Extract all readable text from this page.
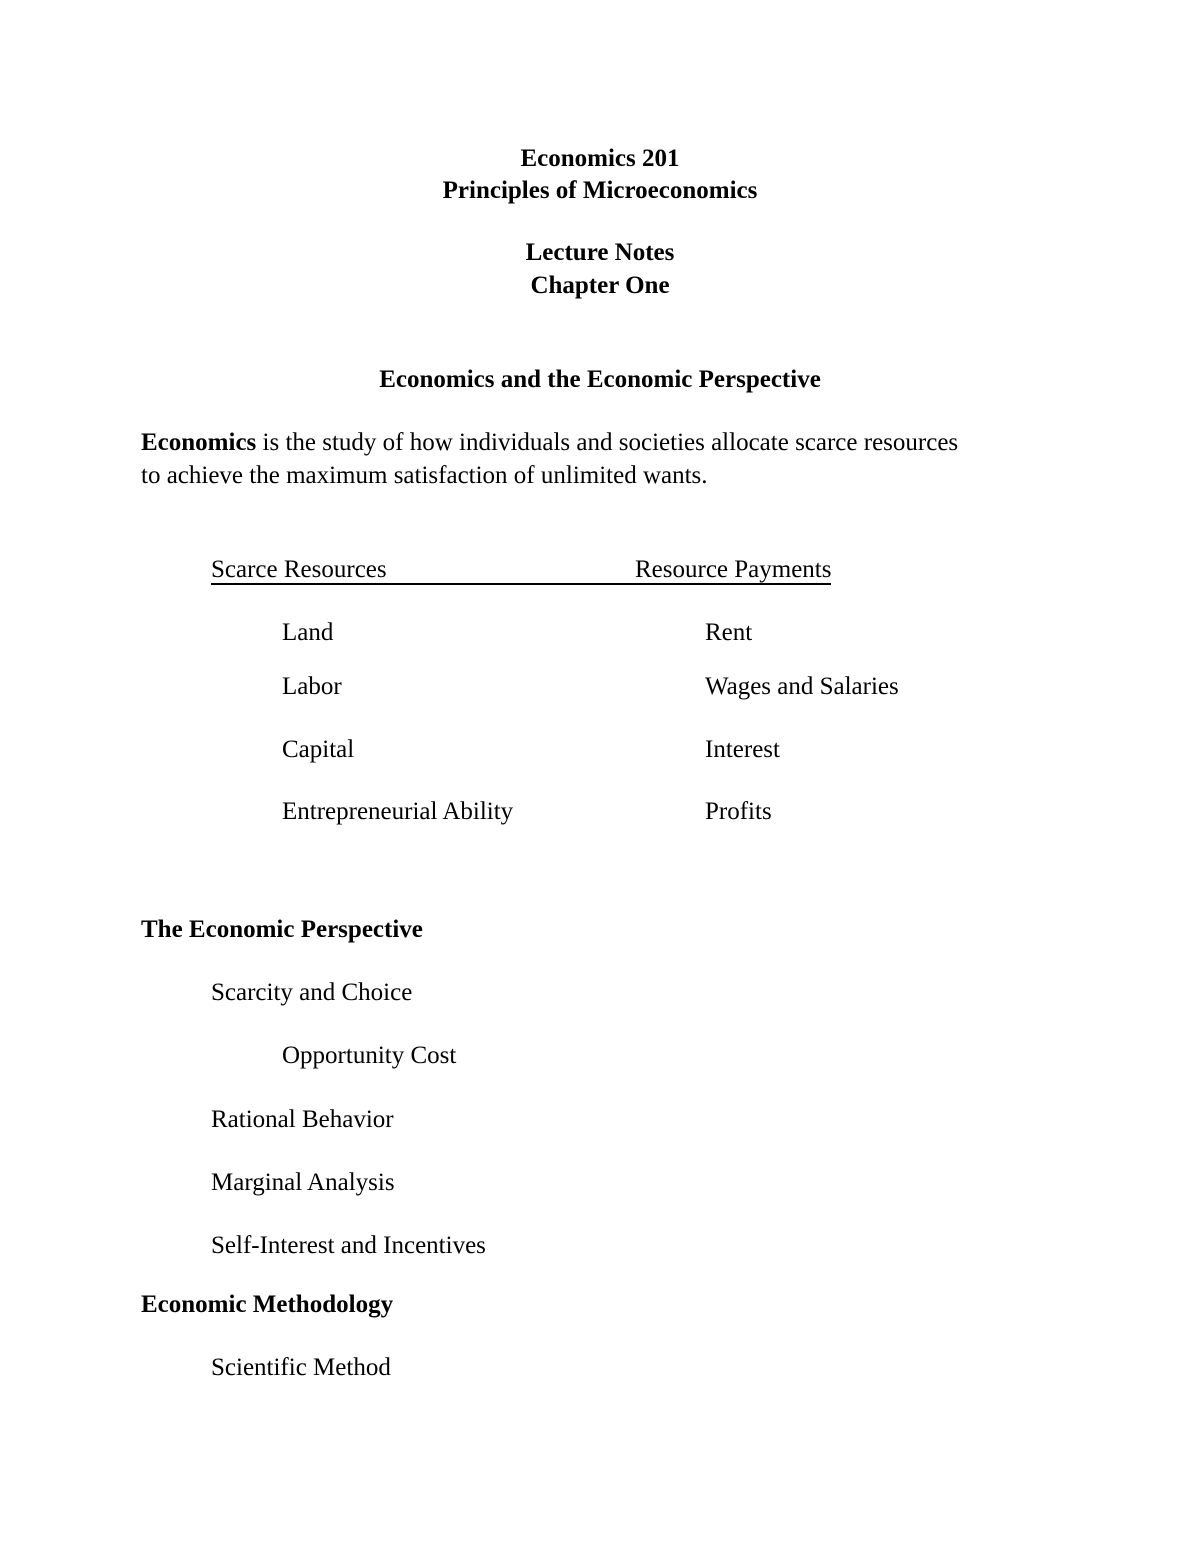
Economics 201
Principles of Microeconomics
Lecture Notes
Chapter One
Economics and the Economic Perspective
Economics is the study of how individuals and societies allocate scarce resources
to achieve the maximum satisfaction of unlimited wants.
Scarce Resources	Resource Payments
Land	Rent
Labor	Wages and Salaries
Capital	Interest
Entrepreneurial Ability	Profits
The Economic Perspective
Scarcity and Choice
Opportunity Cost
Rational Behavior
Marginal Analysis
Self-Interest and Incentives
Economic Methodology
Scientific Method
